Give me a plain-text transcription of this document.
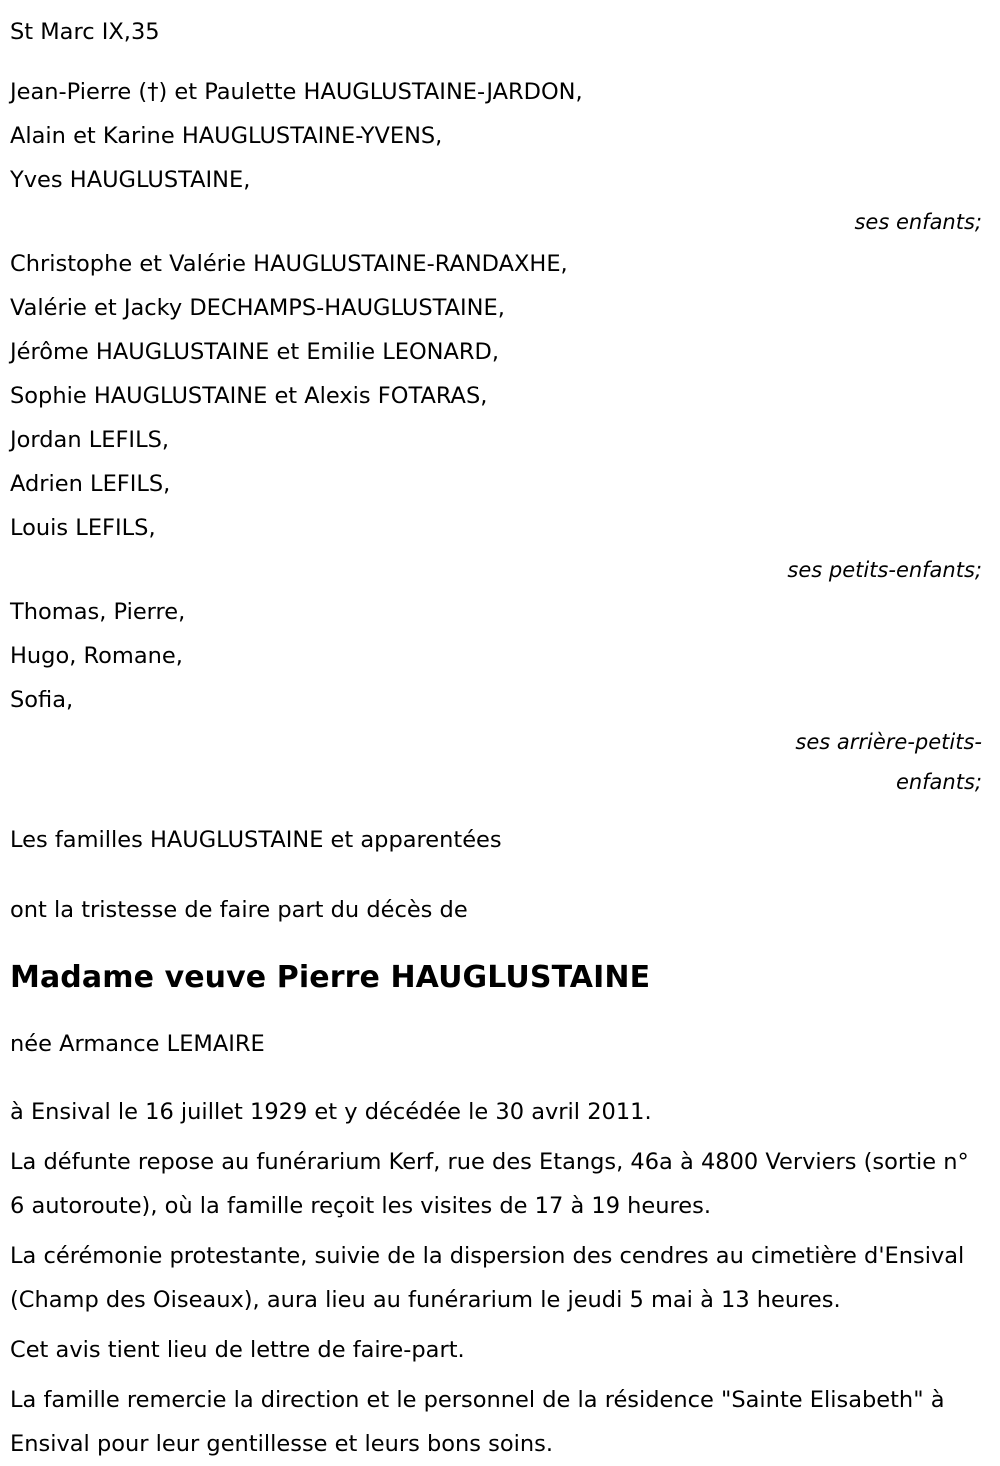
St Marc IX,35
Jean-Pierre (†) et Paulette HAUGLUSTAINE-JARDON,
Alain et Karine HAUGLUSTAINE-YVENS,
Yves HAUGLUSTAINE,
ses enfants;
Christophe et Valérie HAUGLUSTAINE-RANDAXHE,
Valérie et Jacky DECHAMPS-HAUGLUSTAINE,
Jérôme HAUGLUSTAINE et Emilie LEONARD,
Sophie HAUGLUSTAINE et Alexis FOTARAS,
Jordan LEFILS,
Adrien LEFILS,
Louis LEFILS,
ses petits-enfants;
Thomas, Pierre,
Hugo, Romane,
Sofia,
ses arrière-petits-
enfants;
Les familles HAUGLUSTAINE et apparentées
ont la tristesse de faire part du décès de
Madame veuve Pierre HAUGLUSTAINE
née Armance LEMAIRE
à Ensival le 16 juillet 1929 et y décédée le 30 avril 2011.
La défunte repose au funérarium Kerf, rue des Etangs, 46a à 4800 Verviers (sortie n° 6 autoroute), où la famille reçoit les visites de 17 à 19 heures.
La cérémonie protestante, suivie de la dispersion des cendres au cimetière d'Ensival (Champ des Oiseaux), aura lieu au funérarium le jeudi 5 mai à 13 heures.
Cet avis tient lieu de lettre de faire-part.
La famille remercie la direction et le personnel de la résidence "Sainte Elisabeth" à Ensival pour leur gentillesse et leurs bons soins.
